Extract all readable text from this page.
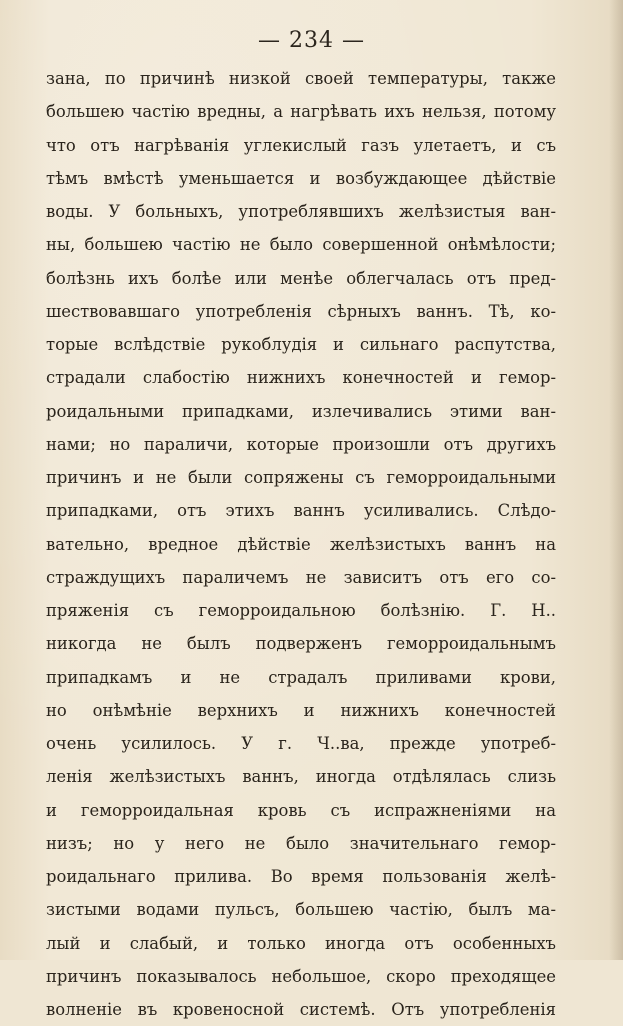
— 234 —
зана, по причинѣ низкой своей температуры, также
большею частію вредны, а нагрѣвать ихъ нельзя, потому
что отъ нагрѣванія углекислый газъ улетаетъ, и съ
тѣмъ вмѣстѣ уменьшается и возбуждающее дѣйствіе
воды. У больныхъ, употреблявшихъ желѣзистыя ван-
ны, большею частію не было совершенной онѣмѣлости;
болѣзнь ихъ болѣе или менѣе облегчалась отъ пред-
шествовавшаго употребленія сѣрныхъ ваннъ. Тѣ, ко-
торые вслѣдствіе рукоблудія и сильнаго распутства,
страдали слабостію нижнихъ конечностей и гемор-
роидальными припадками, излечивались этими ван-
нами; но параличи, которые произошли отъ другихъ
причинъ и не были сопряжены съ геморроидальными
припадками, отъ этихъ ваннъ усиливались. Слѣдо-
вательно, вредное дѣйствіе желѣзистыхъ ваннъ на
страждущихъ параличемъ не зависитъ отъ его со-
пряженія съ геморроидальною болѣзнію. Г. Н..
никогда не былъ подверженъ геморроидальнымъ
припадкамъ и не страдалъ приливами крови,
но онѣмѣніе верхнихъ и нижнихъ конечностей
очень усилилось. У г. Ч..ва, прежде употреб-
ленія желѣзистыхъ ваннъ, иногда отдѣлялась слизь
и геморроидальная кровь съ испражненіями на
низъ; но у него не было значительнаго гемор-
роидальнаго прилива. Во время пользованія желѣ-
зистыми водами пульсъ, большею частію, былъ ма-
лый и слабый, и только иногда отъ особенныхъ
причинъ показывалось небольшое, скоро преходящее
волненіе въ кровеносной системѣ. Отъ употребленія
